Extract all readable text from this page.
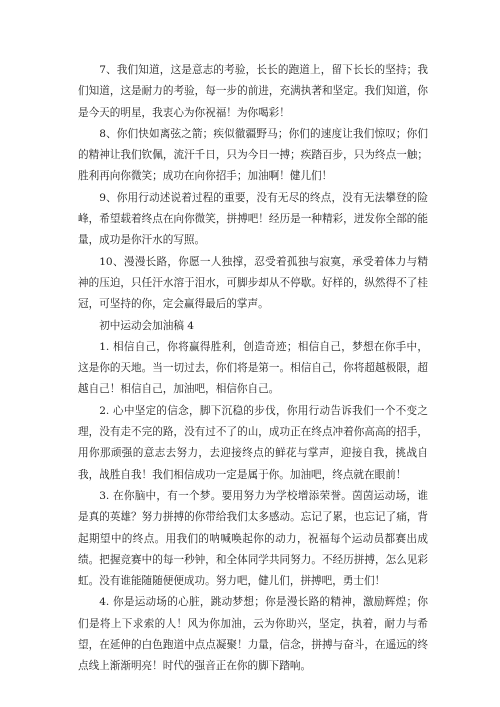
7、我们知道，这是意志的考验，长长的跑道上，留下长长的坚持；我们知道，这是耐力的考验，每一步的前进，充满执著和坚定。我们知道，你是今天的明星，我衷心为你祝福！为你喝彩！

8、你们快如离弦之箭；疾似徹疆野马；你们的速度让我们惊叹；你们的精神让我们钦佩，流汗千日，只为今日一搏；疾踏百步，只为终点一触；胜利再向你微笑；成功在向你招手；加油啊！健儿们！

9、你用行动述说着过程的重要，没有无尽的终点，没有无法攀登的险峰，希望载着终点在向你微笑，拼搏吧！经历是一种精彩，迸发你全部的能量，成功是你汗水的写照。

10、漫漫长路，你愿一人独撑，忍受着孤独与寂寞，承受着体力与精神的压迫，只任汗水溶于泪水，可脚步却从不停歇。好样的，纵然得不了桂冠，可坚持的你，定会赢得最后的掌声。

初中运动会加油稿 4

1. 相信自己，你将赢得胜利，创造奇迹；相信自己，梦想在你手中，这是你的天地。当一切过去，你们将是第一。相信自己，你将超越极限，超越自己！相信自己，加油吧，相信你自己。

2. 心中坚定的信念，脚下沉稳的步伐，你用行动告诉我们一个不变之理，没有走不完的路，没有过不了的山，成功正在终点冲着你高高的招手，用你那顽强的意志去努力，去迎接终点的鲜花与掌声，迎接自我，挑战自我，战胜自我！我们相信成功一定是属于你。加油吧，终点就在眼前！

3. 在你脑中，有一个梦。要用努力为学校增添荣誉。茵茵运动场，谁是真的英雄？努力拼搏的你带给我们太多感动。忘记了累，也忘记了痛，背起期望中的终点。用我们的呐喊唤起你的动力，祝福每个运动员都赛出成绩。把握竞赛中的每一秒钟，和全体同学共同努力。不经历拼搏，怎么见彩虹。没有谁能随随便便成功。努力吧，健儿们，拼搏吧，勇士们！

4. 你是运动场的心脏，跳动梦想；你是漫长路的精神，激励辉煌；你们是将上下求索的人！风为你加油，云为你助兴，坚定，执着，耐力与希望，在延伸的白色跑道中点点凝聚！力量，信念，拼搏与奋斗，在遥远的终点线上渐渐明亮！时代的强音正在你的脚下踏响。
